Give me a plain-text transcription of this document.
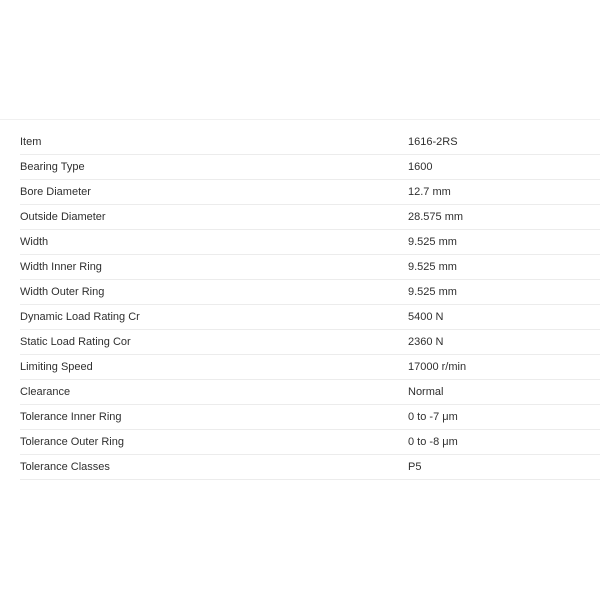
Item	1616-2RS
Bearing Type	1600
Bore Diameter	12.7 mm
Outside Diameter	28.575 mm
Width	9.525 mm
Width Inner Ring	9.525 mm
Width Outer Ring	9.525 mm
Dynamic Load Rating Cr	5400 N
Static Load Rating Cor	2360 N
Limiting Speed	17000 r/min
Clearance	Normal
Tolerance Inner Ring	0 to -7 μm
Tolerance Outer Ring	0 to -8 μm
Tolerance Classes	P5
